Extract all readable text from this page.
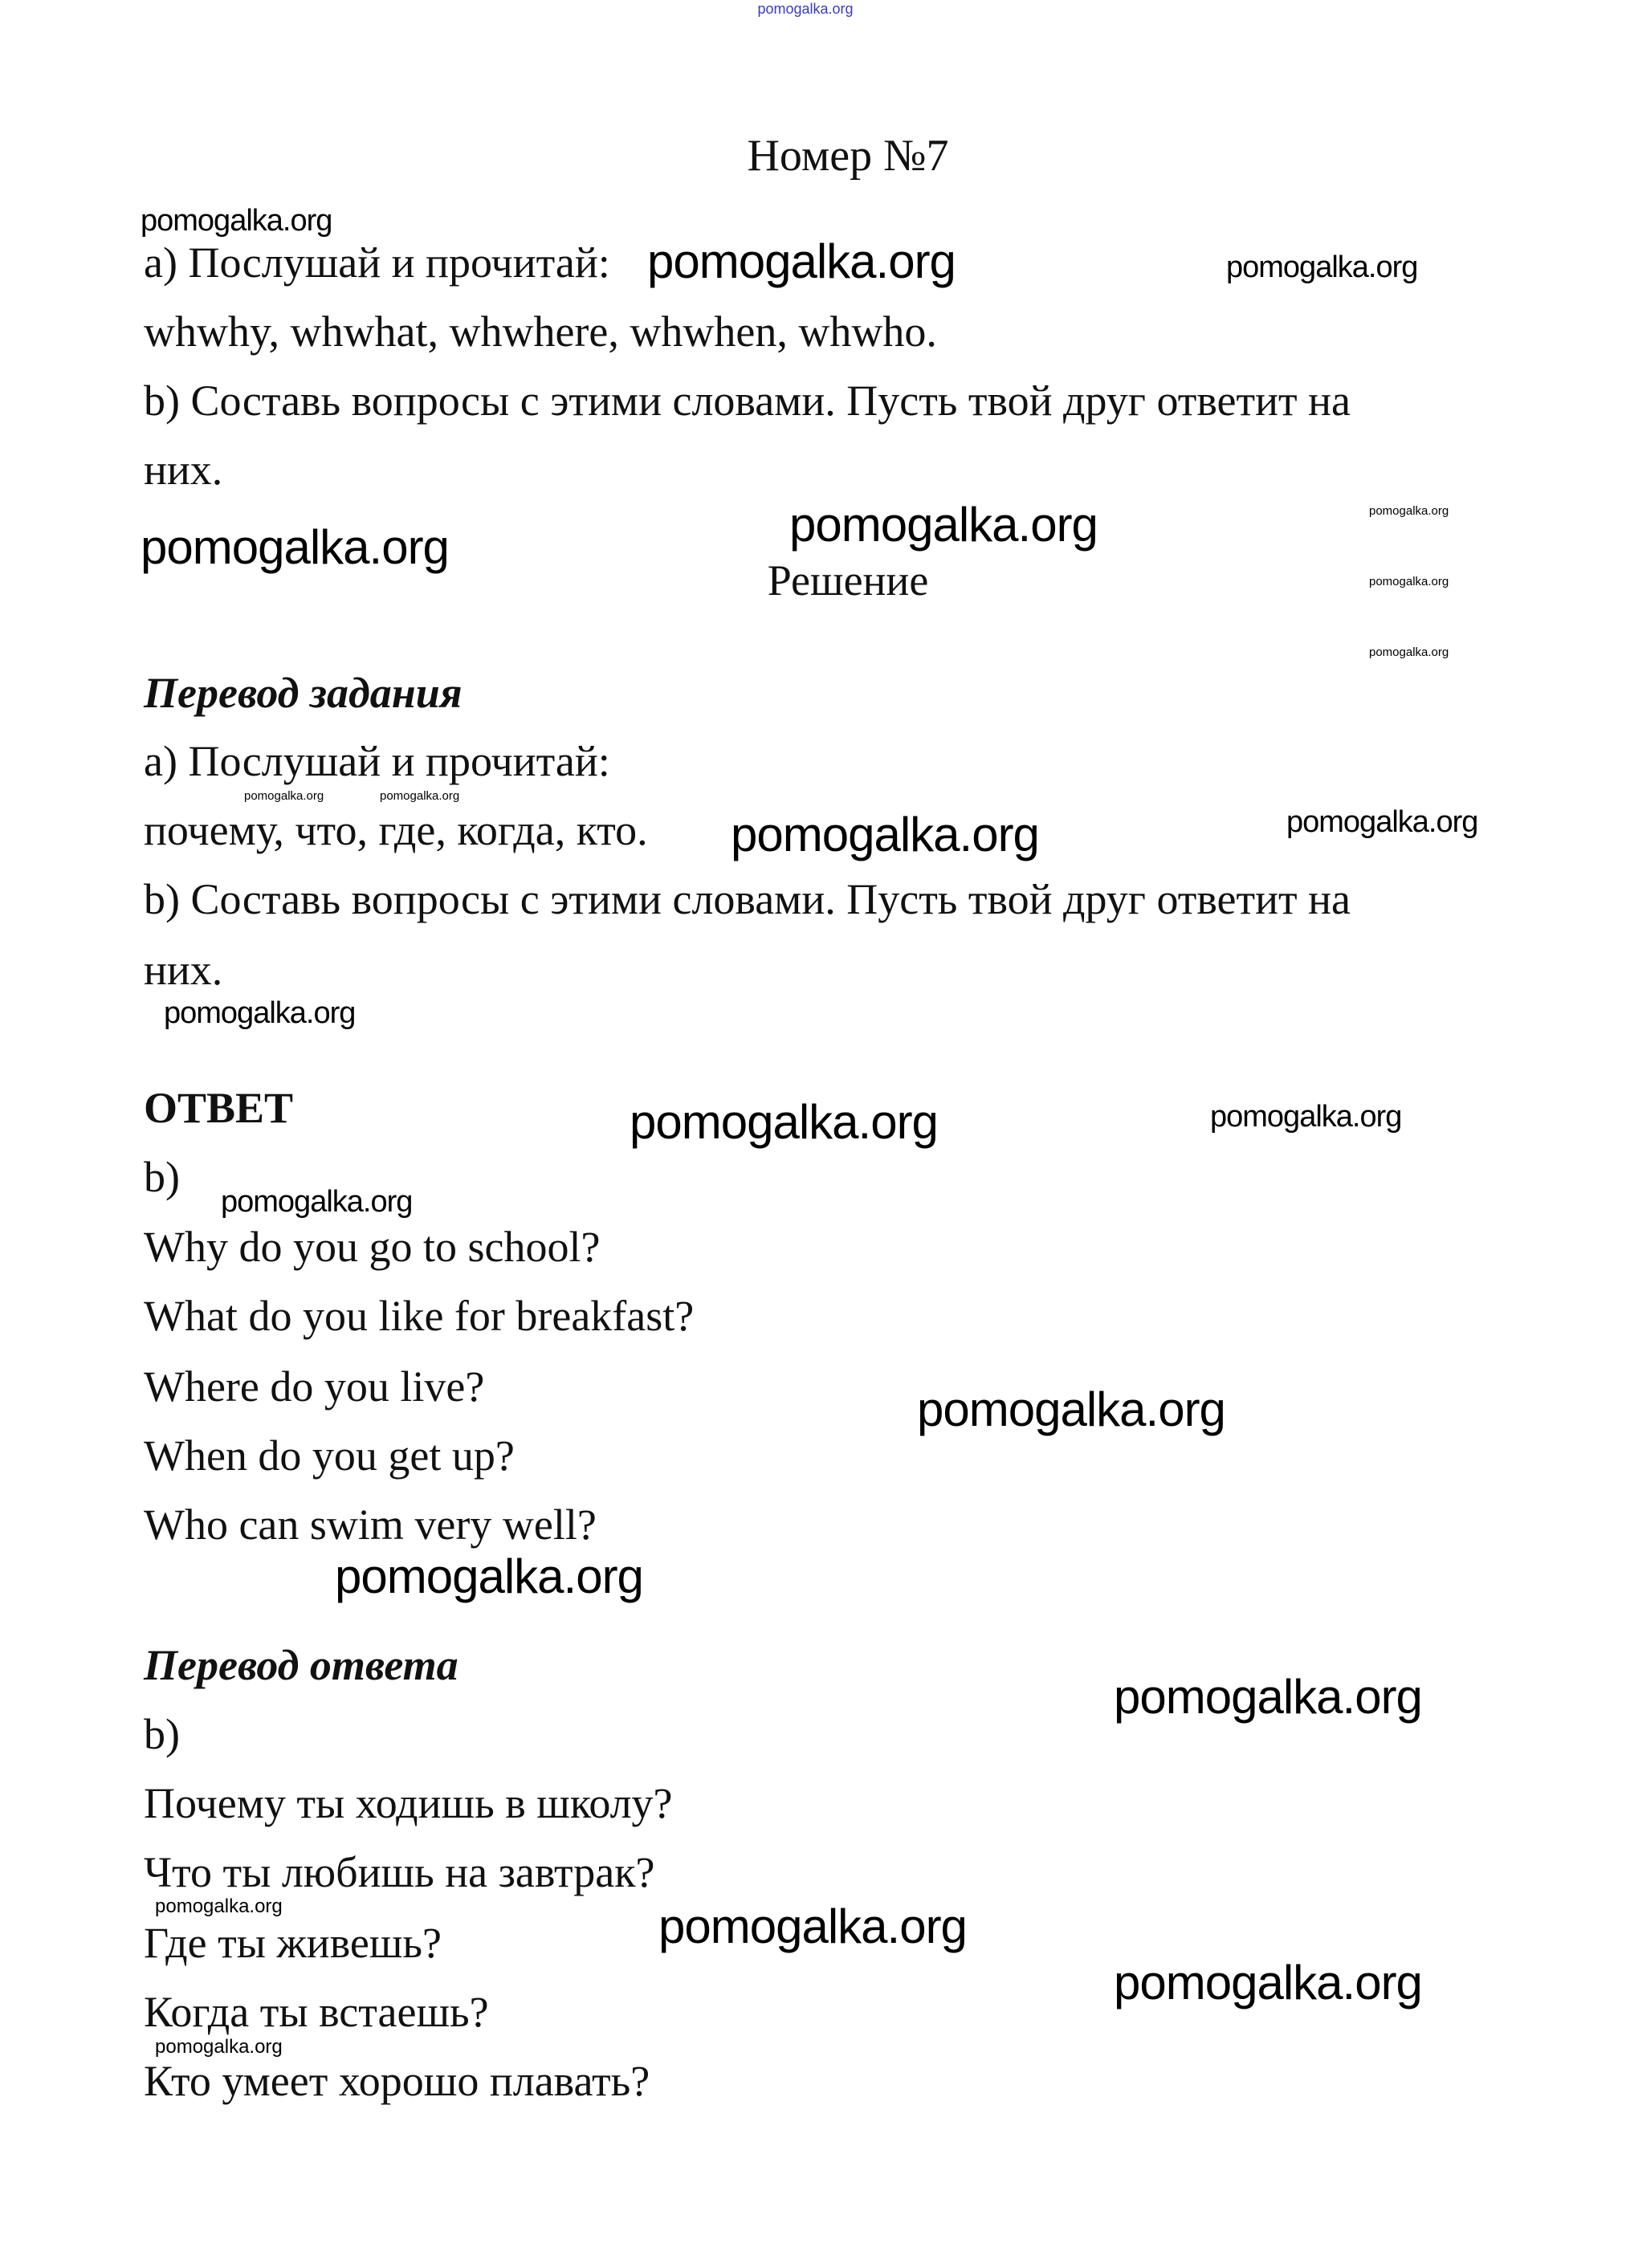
pomogalka.org
Номер №7
а) Послушай и прочитай:
whwhy, whwhat, whwhere, whwhen, whwho.
b) Составь вопросы с этими словами. Пусть твой друг ответит на
них.
Решение
Перевод задания
а) Послушай и прочитай:
почему, что, где, когда, кто.
b) Составь вопросы с этими словами. Пусть твой друг ответит на
них.
ОТВЕТ
b)
Why do you go to school?
What do you like for breakfast?
Where do you live?
When do you get up?
Who can swim very well?
Перевод ответа
b)
Почему ты ходишь в школу?
Что ты любишь на завтрак?
Где ты живешь?
Когда ты встаешь?
Кто умеет хорошо плавать?
pomogalka.org
pomogalka.org	pomogalka.org
pomogalka.org
pomogalka.org	pomogalka.org
pomogalka.org
pomogalka.org
pomogalka.org	pomogalka.org
pomogalka.org	pomogalka.org
pomogalka.org
pomogalka.org	pomogalka.org
pomogalka.org
pomogalka.org
pomogalka.org
pomogalka.org
pomogalka.org	pomogalka.org
pomogalka.org
pomogalka.org
